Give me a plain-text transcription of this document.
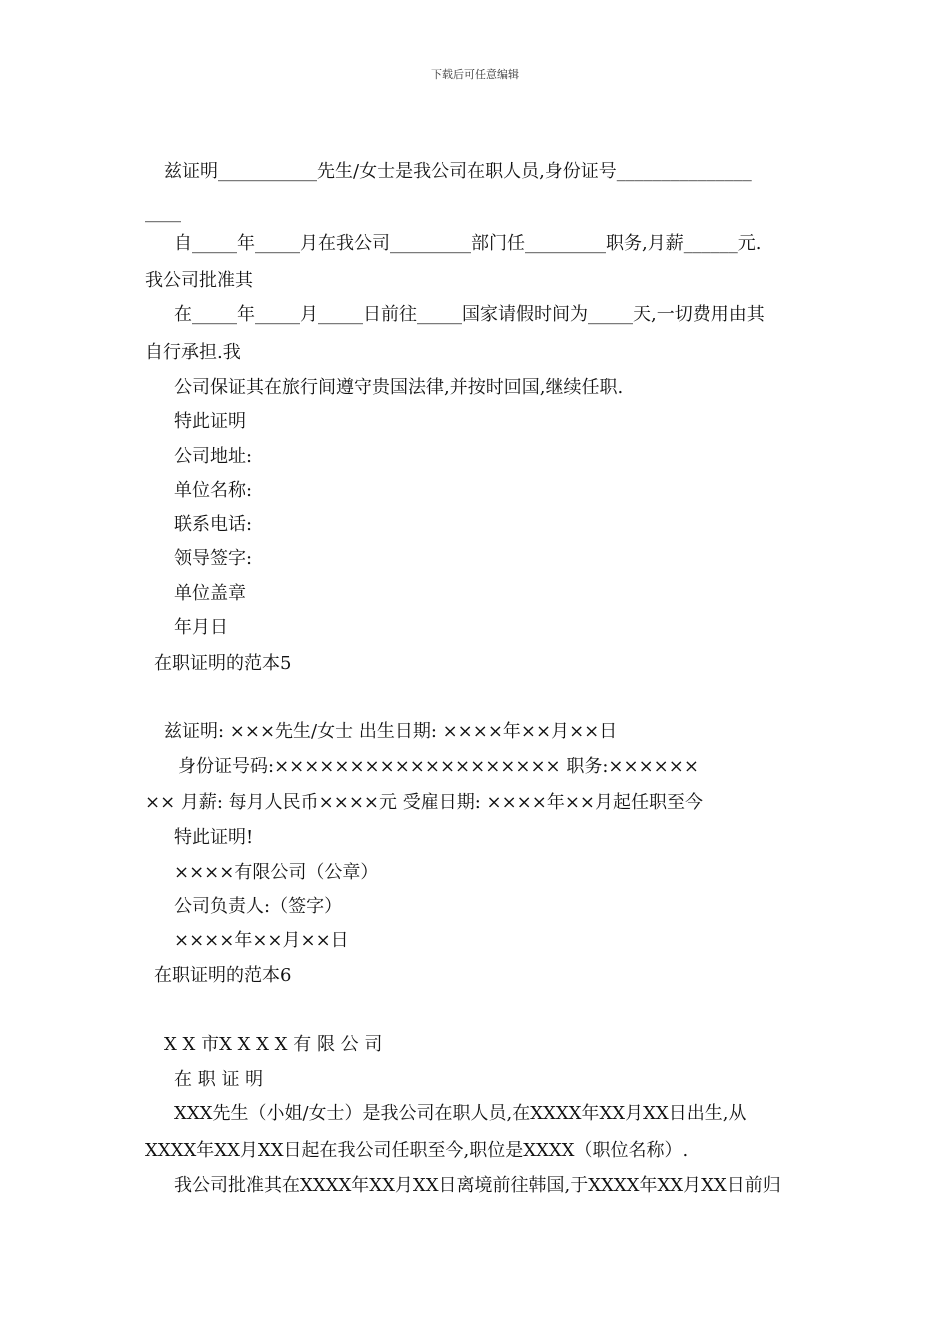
下载后可任意编辑
兹证明___________先生/女士是我公司在职人员,身份证号_______________
____
自_____年_____月在我公司_________部门任_________职务,月薪______元.
我公司批准其
在_____年_____月_____日前往_____国家请假时间为_____天,一切费用由其
自行承担.我
公司保证其在旅行间遵守贵国法律,并按时回国,继续任职.
特此证明
公司地址:
单位名称:
联系电话:
领导签字:
单位盖章
年月日
在职证明的范本5
兹证明: ×××先生/女士 出生日期: ××××年××月××日
身份证号码:××××××××××××××××××× 职务:××××××
×× 月薪: 每月人民币××××元 受雇日期: ××××年××月起任职至今
特此证明!
××××有限公司（公章）
公司负责人:（签字）
××××年××月××日
在职证明的范本6
X X 市X X X X 有 限 公 司
在 职 证 明
XXX先生（小姐/女士）是我公司在职人员,在XXXX年XX月XX日出生,从
XXXX年XX月XX日起在我公司任职至今,职位是XXXX（职位名称）.
我公司批准其在XXXX年XX月XX日离境前往韩国,于XXXX年XX月XX日前归
